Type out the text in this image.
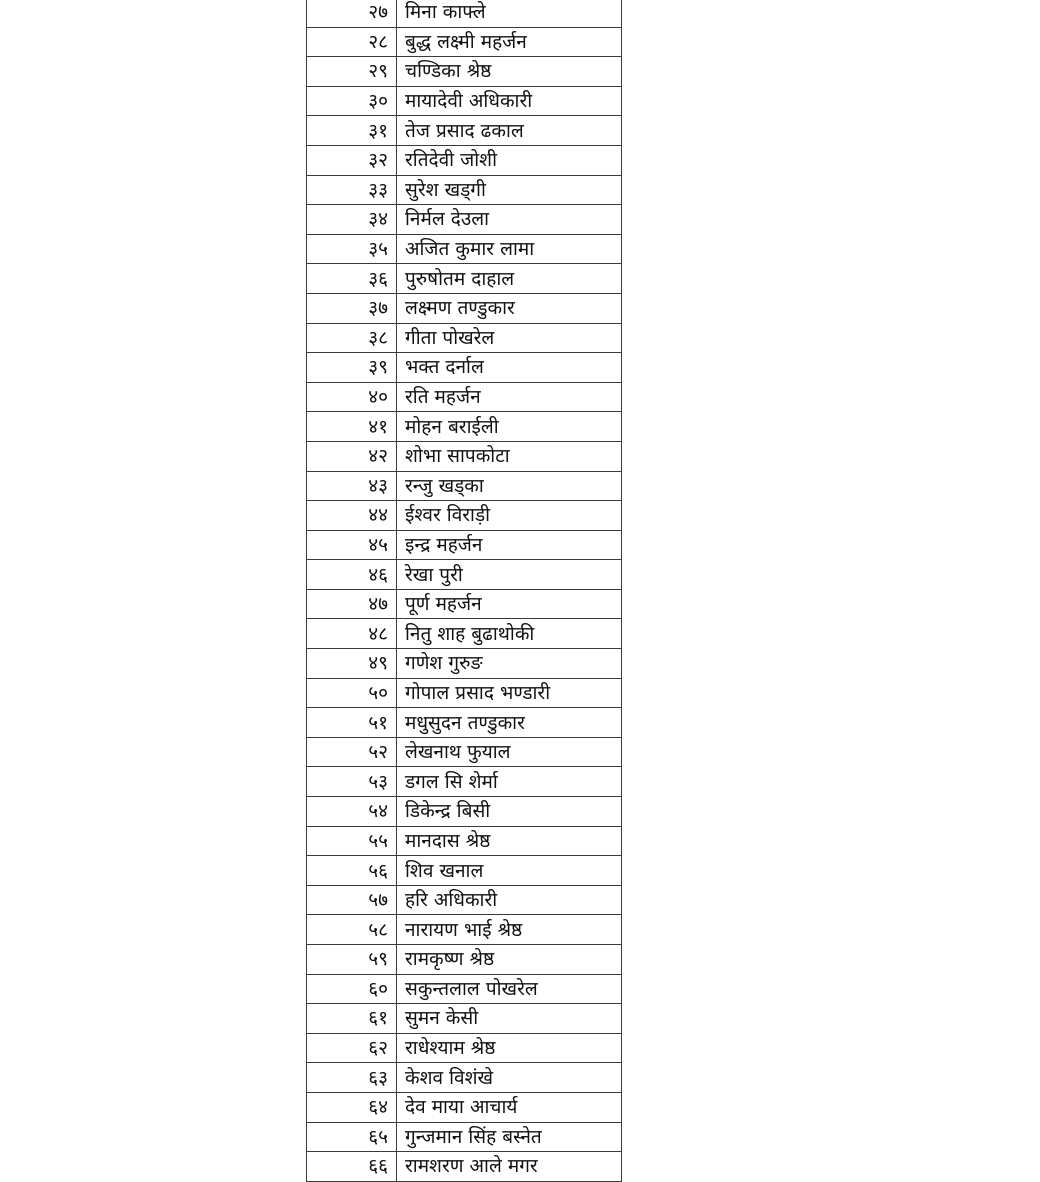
२७	मिना काफ्ले
२८	बुद्ध लक्ष्मी महर्जन
२९	चण्डिका श्रेष्ठ
३०	मायादेवी अधिकारी
३१	तेज प्रसाद ढकाल
३२	रतिदेवी जोशी
३३	सुरेश खड्गी
३४	निर्मल देउला
३५	अजित कुमार लामा
३६	पुरुषोतम दाहाल
३७	लक्ष्मण तण्डुकार
३८	गीता पोखरेल
३९	भक्त दर्नाल
४०	रति महर्जन
४१	मोहन बराईली
४२	शोभा सापकोटा
४३	रन्जु खड्का
४४	ईश्वर विराड़ी
४५	इन्द्र महर्जन
४६	रेखा पुरी
४७	पूर्ण महर्जन
४८	नितु शाह बुढाथोकी
४९	गणेश गुरुङ
५०	गोपाल प्रसाद भण्डारी
५१	मधुसुदन तण्डुकार
५२	लेखनाथ फुयाल
५३	डगल सि शेर्मा
५४	डिकेन्द्र बिसी
५५	मानदास श्रेष्ठ
५६	शिव खनाल
५७	हरि अधिकारी
५८	नारायण भाई श्रेष्ठ
५९	रामकृष्ण श्रेष्ठ
६०	सकुन्तलाल पोखरेल
६१	सुमन केसी
६२	राधेश्याम श्रेष्ठ
६३	केशव विशंखे
६४	देव माया आचार्य
६५	गुन्जमान सिंह बस्नेत
६६	रामशरण आले मगर
